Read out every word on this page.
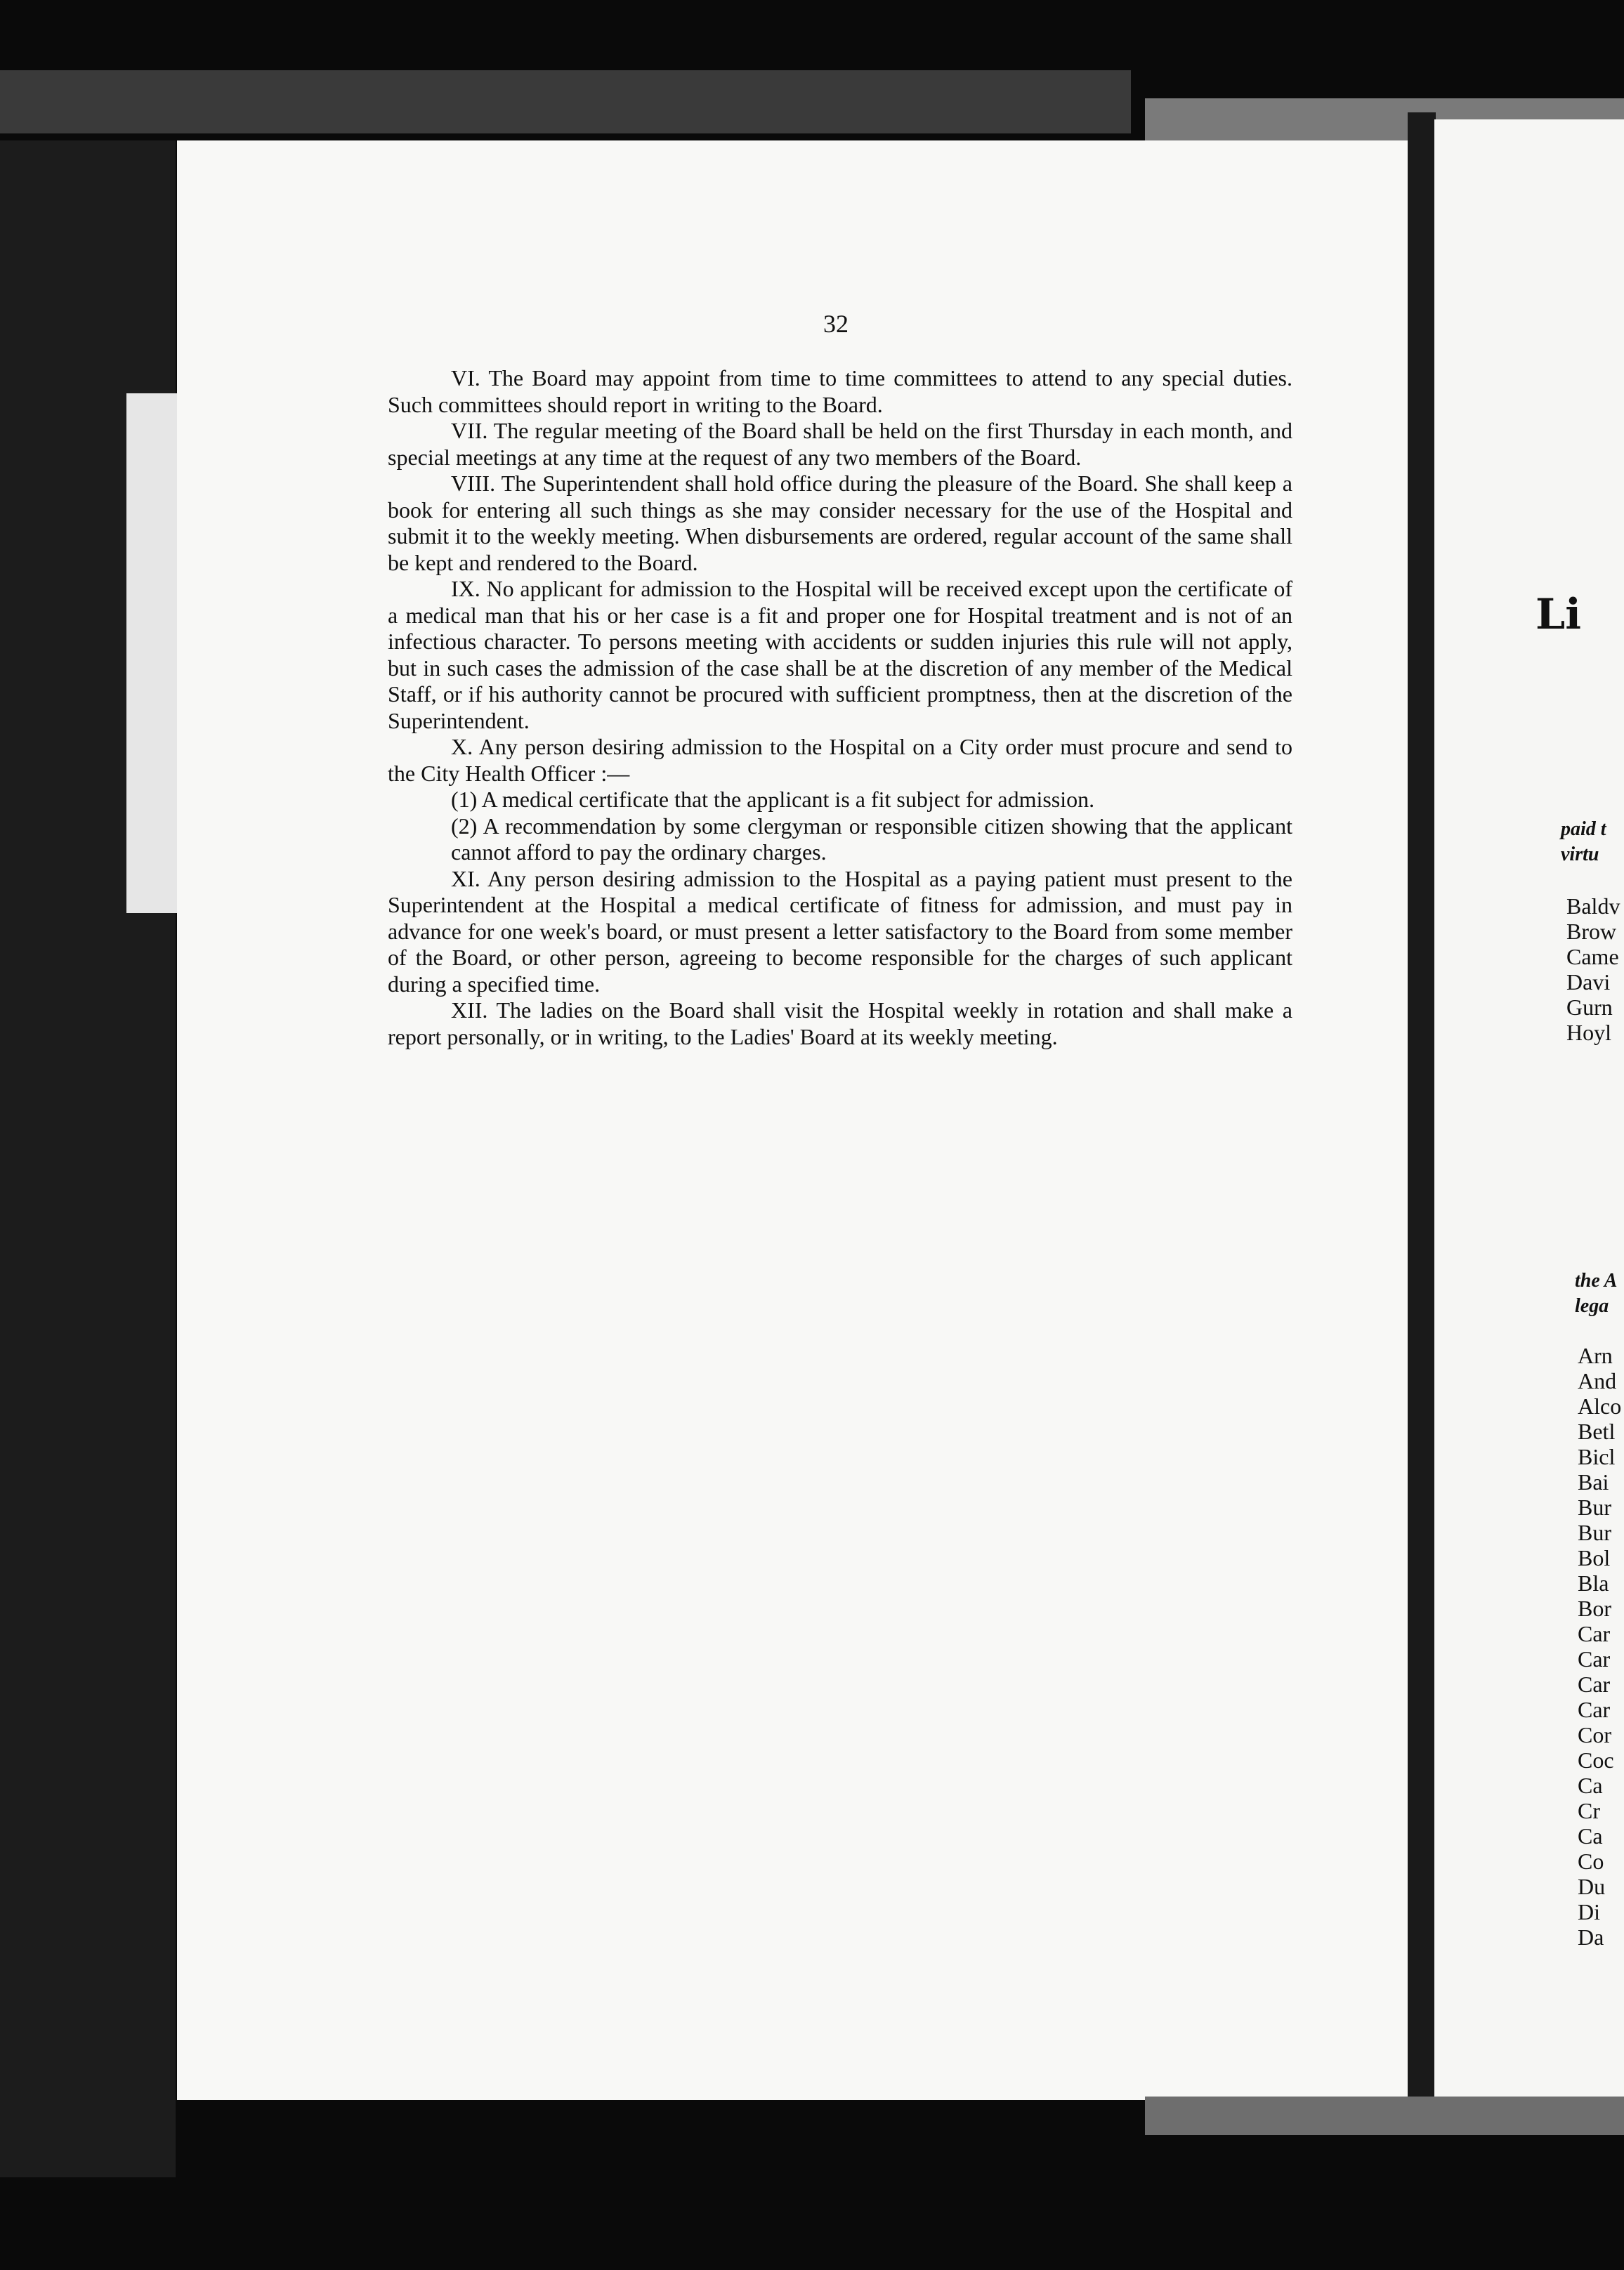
32

VI. The Board may appoint from time to time committees to attend to any special duties. Such committees should report in writing to the Board.

VII. The regular meeting of the Board shall be held on the first Thursday in each month, and special meetings at any time at the request of any two members of the Board.

VIII. The Superintendent shall hold office during the pleasure of the Board. She shall keep a book for entering all such things as she may consider necessary for the use of the Hospital and submit it to the weekly meeting. When disbursements are ordered, regular account of the same shall be kept and rendered to the Board.

IX. No applicant for admission to the Hospital will be received except upon the certificate of a medical man that his or her case is a fit and proper one for Hospital treatment and is not of an infectious character. To persons meeting with accidents or sudden injuries this rule will not apply, but in such cases the admission of the case shall be at the discretion of any member of the Medical Staff, or if his authority cannot be procured with sufficient promptness, then at the discretion of the Superintendent.

X. Any person desiring admission to the Hospital on a City order must procure and send to the City Health Officer :—

(1) A medical certificate that the applicant is a fit subject for admission.

(2) A recommendation by some clergyman or responsible citizen showing that the applicant cannot afford to pay the ordinary charges.

XI. Any person desiring admission to the Hospital as a paying patient must present to the Superintendent at the Hospital a medical certificate of fitness for admission, and must pay in advance for one week's board, or must present a letter satisfactory to the Board from some member of the Board, or other person, agreeing to become responsible for the charges of such applicant during a specified time.

XII. The ladies on the Board shall visit the Hospital weekly in rotation and shall make a report personally, or in writing, to the Ladies' Board at its weekly meeting.

Li
paid t
virtu
Baldv
Brow
Came
Davi
Gurn
Hoyl
the A
lega
Arn
And
Alco
Betl
Bicl
Bai
Bur
Bur
Bol
Bla
Bor
Car
Car
Car
Car
Cor
Coc
Ca
Cr
Ca
Co
Du
Di
Da
